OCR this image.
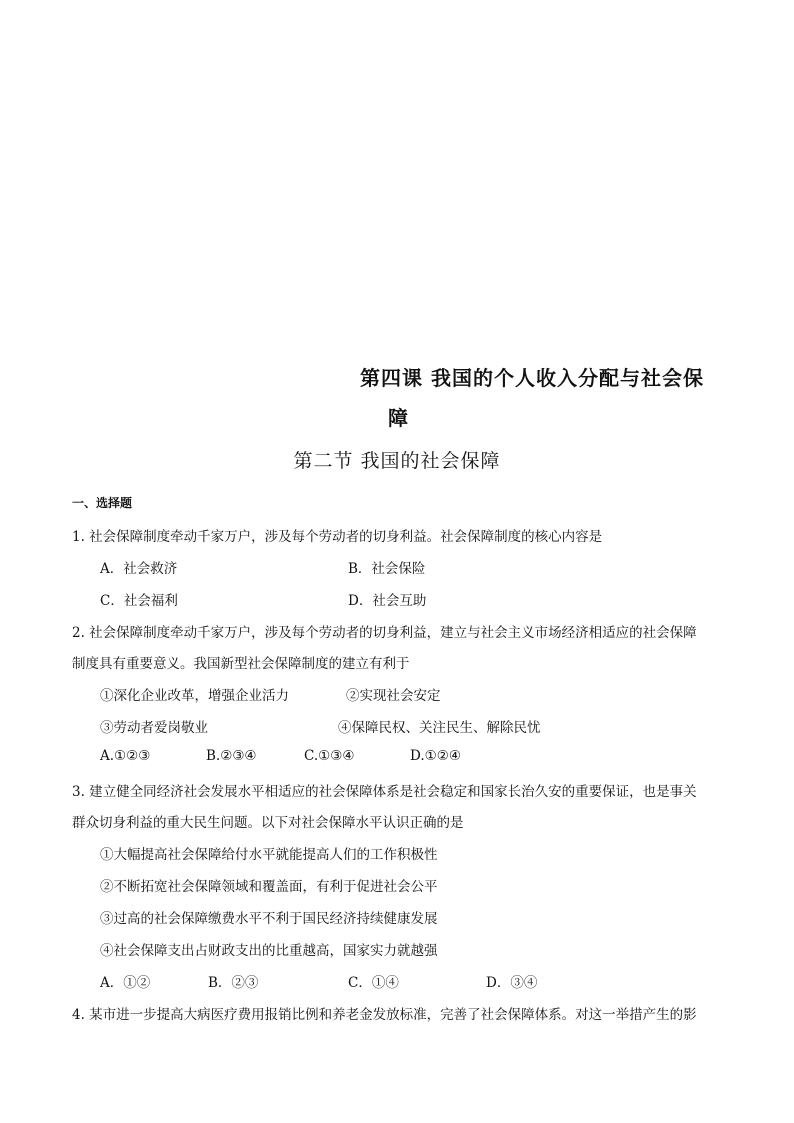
第四课 我国的个人收入分配与社会保
障
第二节 我国的社会保障
一、选择题
1. 社会保障制度牵动千家万户，涉及每个劳动者的切身利益。社会保障制度的核心内容是
A．社会救济	B．社会保险
C．社会福利	D．社会互助
2. 社会保障制度牵动千家万户，涉及每个劳动者的切身利益，建立与社会主义市场经济相适应的社会保障
制度具有重要意义。我国新型社会保障制度的建立有利于
①深化企业改革，增强企业活力	②实现社会安定
③劳动者爱岗敬业	④保障民权、关注民生、解除民忧
A.①②③	B.②③④	C.①③④	D.①②④
3. 建立健全同经济社会发展水平相适应的社会保障体系是社会稳定和国家长治久安的重要保证，也是事关
群众切身利益的重大民生问题。以下对社会保障水平认识正确的是
①大幅提高社会保障给付水平就能提高人们的工作积极性
②不断拓宽社会保障领域和覆盖面，有利于促进社会公平
③过高的社会保障缴费水平不利于国民经济持续健康发展
④社会保障支出占财政支出的比重越高，国家实力就越强
A．①②	B．②③	C．①④	D．③④
4. 某市进一步提高大病医疗费用报销比例和养老金发放标准，完善了社会保障体系。对这一举措产生的影
